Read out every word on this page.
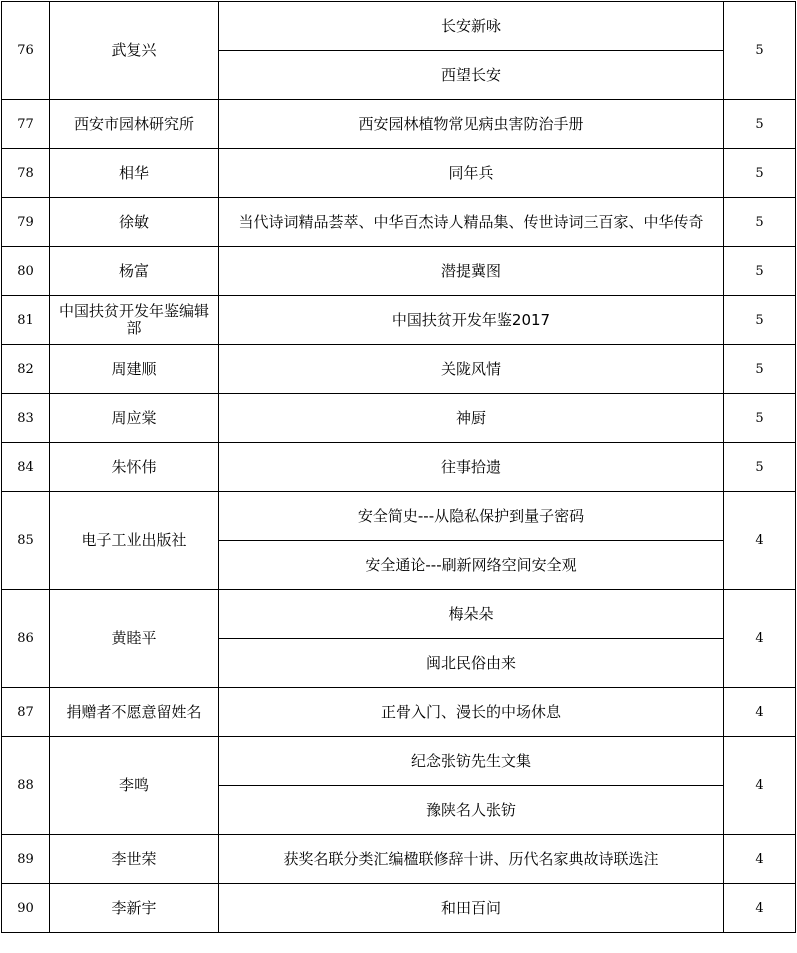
76	武复兴	长安新咏	5
		西望长安	
77	西安市园林研究所	西安园林植物常见病虫害防治手册	5
78	相华	同年兵	5
79	徐敏	当代诗词精品荟萃、中华百杰诗人精品集、传世诗词三百家、中华传奇	5
80	杨富	潜提冀图	5
81	中国扶贫开发年鉴编辑部	中国扶贫开发年鉴2017	5
82	周建顺	关陇风情	5
83	周应棠	神厨	5
84	朱怀伟	往事拾遗	5
85	电子工业出版社	安全简史---从隐私保护到量子密码	4
		安全通论---刷新网络空间安全观	
86	黄睦平	梅朵朵	4
		闽北民俗由来	
87	捐赠者不愿意留姓名	正骨入门、漫长的中场休息	4
88	李鸣	纪念张钫先生文集	4
		豫陕名人张钫	
89	李世荣	获奖名联分类汇编楹联修辞十讲、历代名家典故诗联选注	4
90	李新宇	和田百问	4
